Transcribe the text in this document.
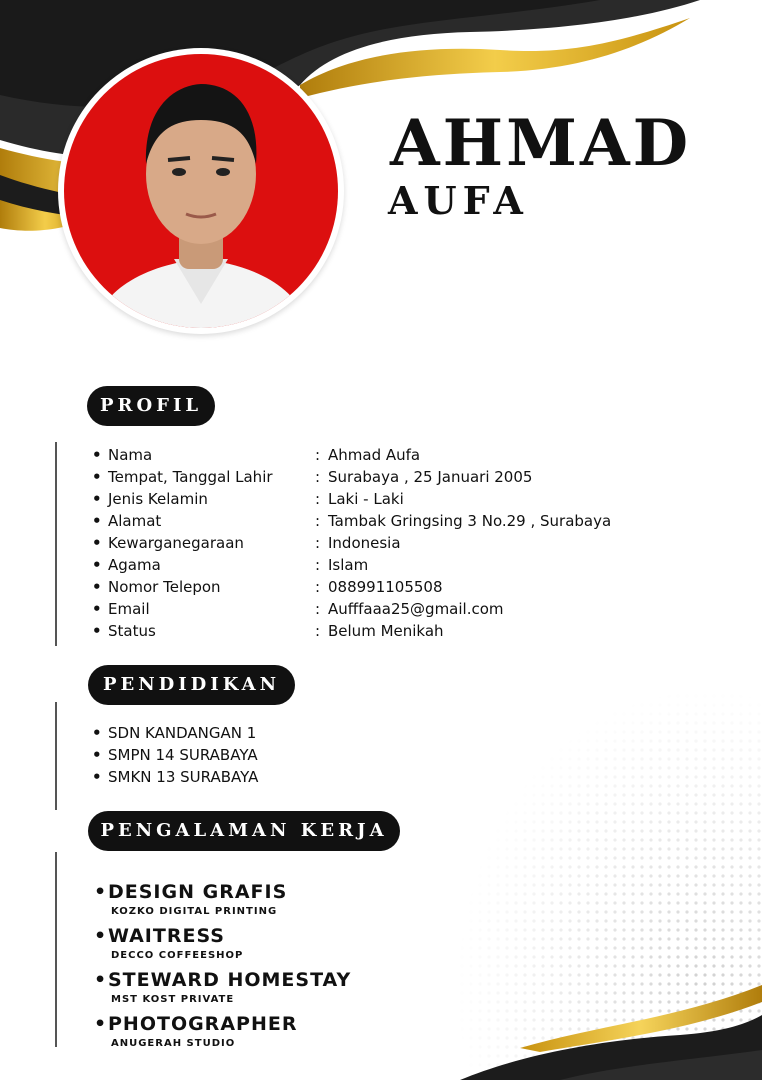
AHMAD
AUFA
PROFIL
• Nama	: Ahmad Aufa
• Tempat, Tanggal Lahir	: Surabaya , 25 Januari 2005
• Jenis Kelamin	: Laki - Laki
• Alamat	: Tambak Gringsing 3 No.29 , Surabaya
• Kewarganegaraan	: Indonesia
• Agama	: Islam
• Nomor Telepon	: 088991105508
• Email	: Aufffaaa25@gmail.com
• Status	: Belum Menikah
PENDIDIKAN
• SDN KANDANGAN 1
• SMPN 14 SURABAYA
• SMKN 13 SURABAYA
PENGALAMAN KERJA
• DESIGN GRAFIS
KOZKO DIGITAL PRINTING
• WAITRESS
DECCO COFFEESHOP
• STEWARD HOMESTAY
MST KOST PRIVATE
• PHOTOGRAPHER
ANUGERAH STUDIO
